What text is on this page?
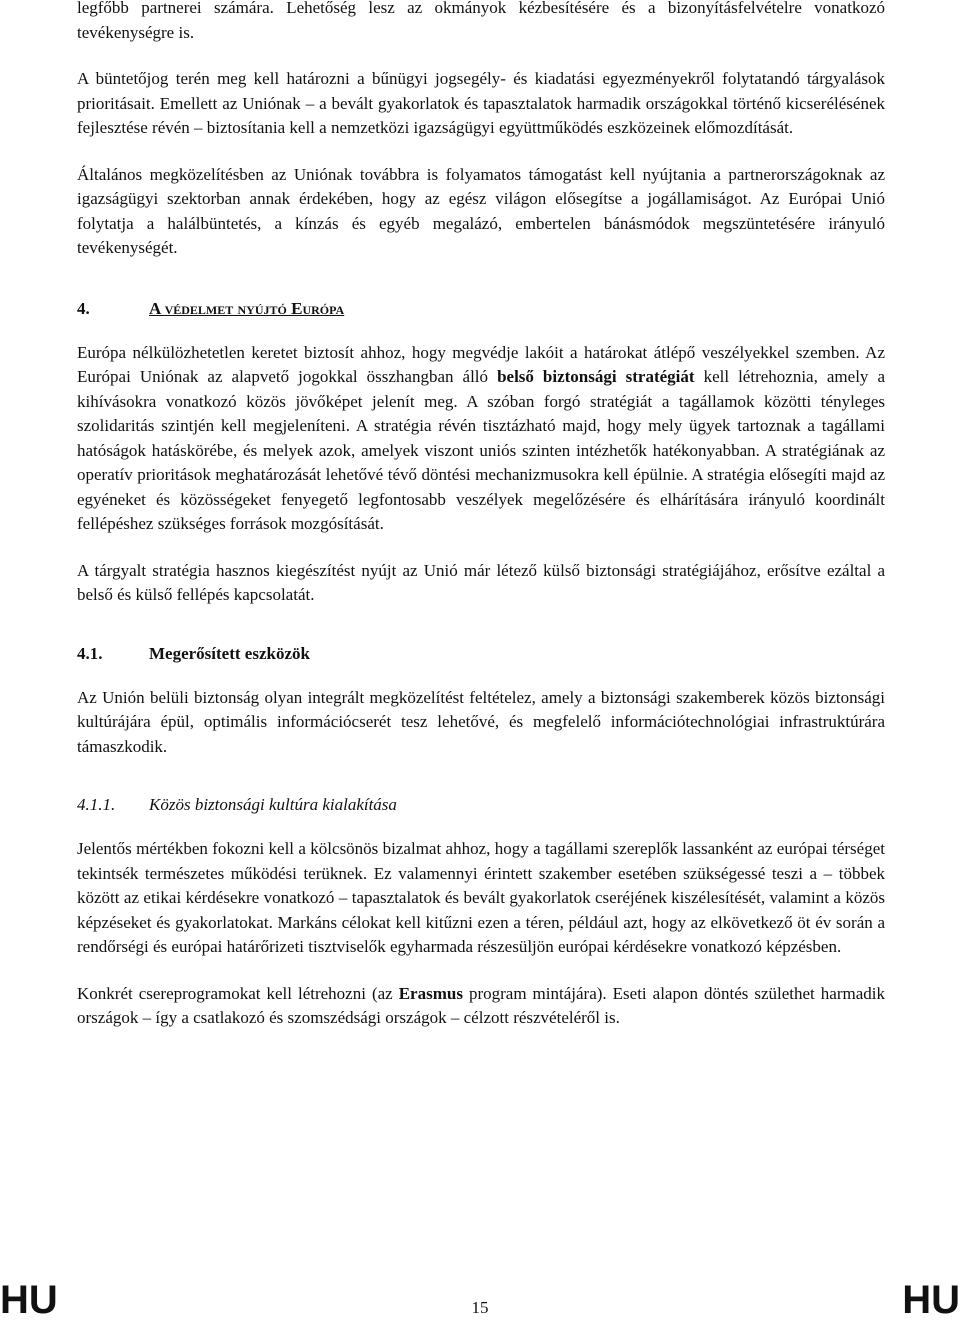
legfőbb partnerei számára. Lehetőség lesz az okmányok kézbesítésére és a bizonyításfelvételre vonatkozó tevékenységre is.

A büntetőjog terén meg kell határozni a bűnügyi jogsegély- és kiadatási egyezményekről folytatandó tárgyalások prioritásait. Emellett az Uniónak – a bevált gyakorlatok és tapasztalatok harmadik országokkal történő kicserélésének fejlesztése révén – biztosítania kell a nemzetközi igazságügyi együttműködés eszközeinek előmozdítását.

Általános megközelítésben az Uniónak továbbra is folyamatos támogatást kell nyújtania a partnerországoknak az igazságügyi szektorban annak érdekében, hogy az egész világon elősegítse a jogállamiságot. Az Európai Unió folytatja a halálbüntetés, a kínzás és egyéb megalázó, embertelen bánásmódok megszüntetésére irányuló tevékenységét.

4.	A védelmet nyújtó Európa

Európa nélkülözhetetlen keretet biztosít ahhoz, hogy megvédje lakóit a határokat átlépő veszélyekkel szemben. Az Európai Uniónak az alapvető jogokkal összhangban álló belső biztonsági stratégiát kell létrehoznia, amely a kihívásokra vonatkozó közös jövőképet jelenít meg. A szóban forgó stratégiát a tagállamok közötti tényleges szolidaritás szintjén kell megjeleníteni. A stratégia révén tisztázható majd, hogy mely ügyek tartoznak a tagállami hatóságok hatáskörébe, és melyek azok, amelyek viszont uniós szinten intézhetők hatékonyabban. A stratégiának az operatív prioritások meghatározását lehetővé tévő döntési mechanizmusokra kell épülnie. A stratégia elősegíti majd az egyéneket és közösségeket fenyegető legfontosabb veszélyek megelőzésére és elhárítására irányuló koordinált fellépéshez szükséges források mozgósítását.

A tárgyalt stratégia hasznos kiegészítést nyújt az Unió már létező külső biztonsági stratégiájához, erősítve ezáltal a belső és külső fellépés kapcsolatát.

4.1.	Megerősített eszközök

Az Unión belüli biztonság olyan integrált megközelítést feltételez, amely a biztonsági szakemberek közös biztonsági kultúrájára épül, optimális információcserét tesz lehetővé, és megfelelő információtechnológiai infrastruktúrára támaszkodik.

4.1.1.	Közös biztonsági kultúra kialakítása

Jelentős mértékben fokozni kell a kölcsönös bizalmat ahhoz, hogy a tagállami szereplők lassanként az európai térséget tekintsék természetes működési terüknek. Ez valamennyi érintett szakember esetében szükségessé teszi a – többek között az etikai kérdésekre vonatkozó – tapasztalatok és bevált gyakorlatok cseréjének kiszélesítését, valamint a közös képzéseket és gyakorlatokat. Markáns célokat kell kitűzni ezen a téren, például azt, hogy az elkövetkező öt év során a rendőrségi és európai határőrizeti tisztviselők egyharmada részesüljön európai kérdésekre vonatkozó képzésben.

Konkrét csereprogramokat kell létrehozni (az Erasmus program mintájára). Eseti alapon döntés születhet harmadik országok – így a csatlakozó és szomszédsági országok – célzott részvételéről is.

HU	15	HU
